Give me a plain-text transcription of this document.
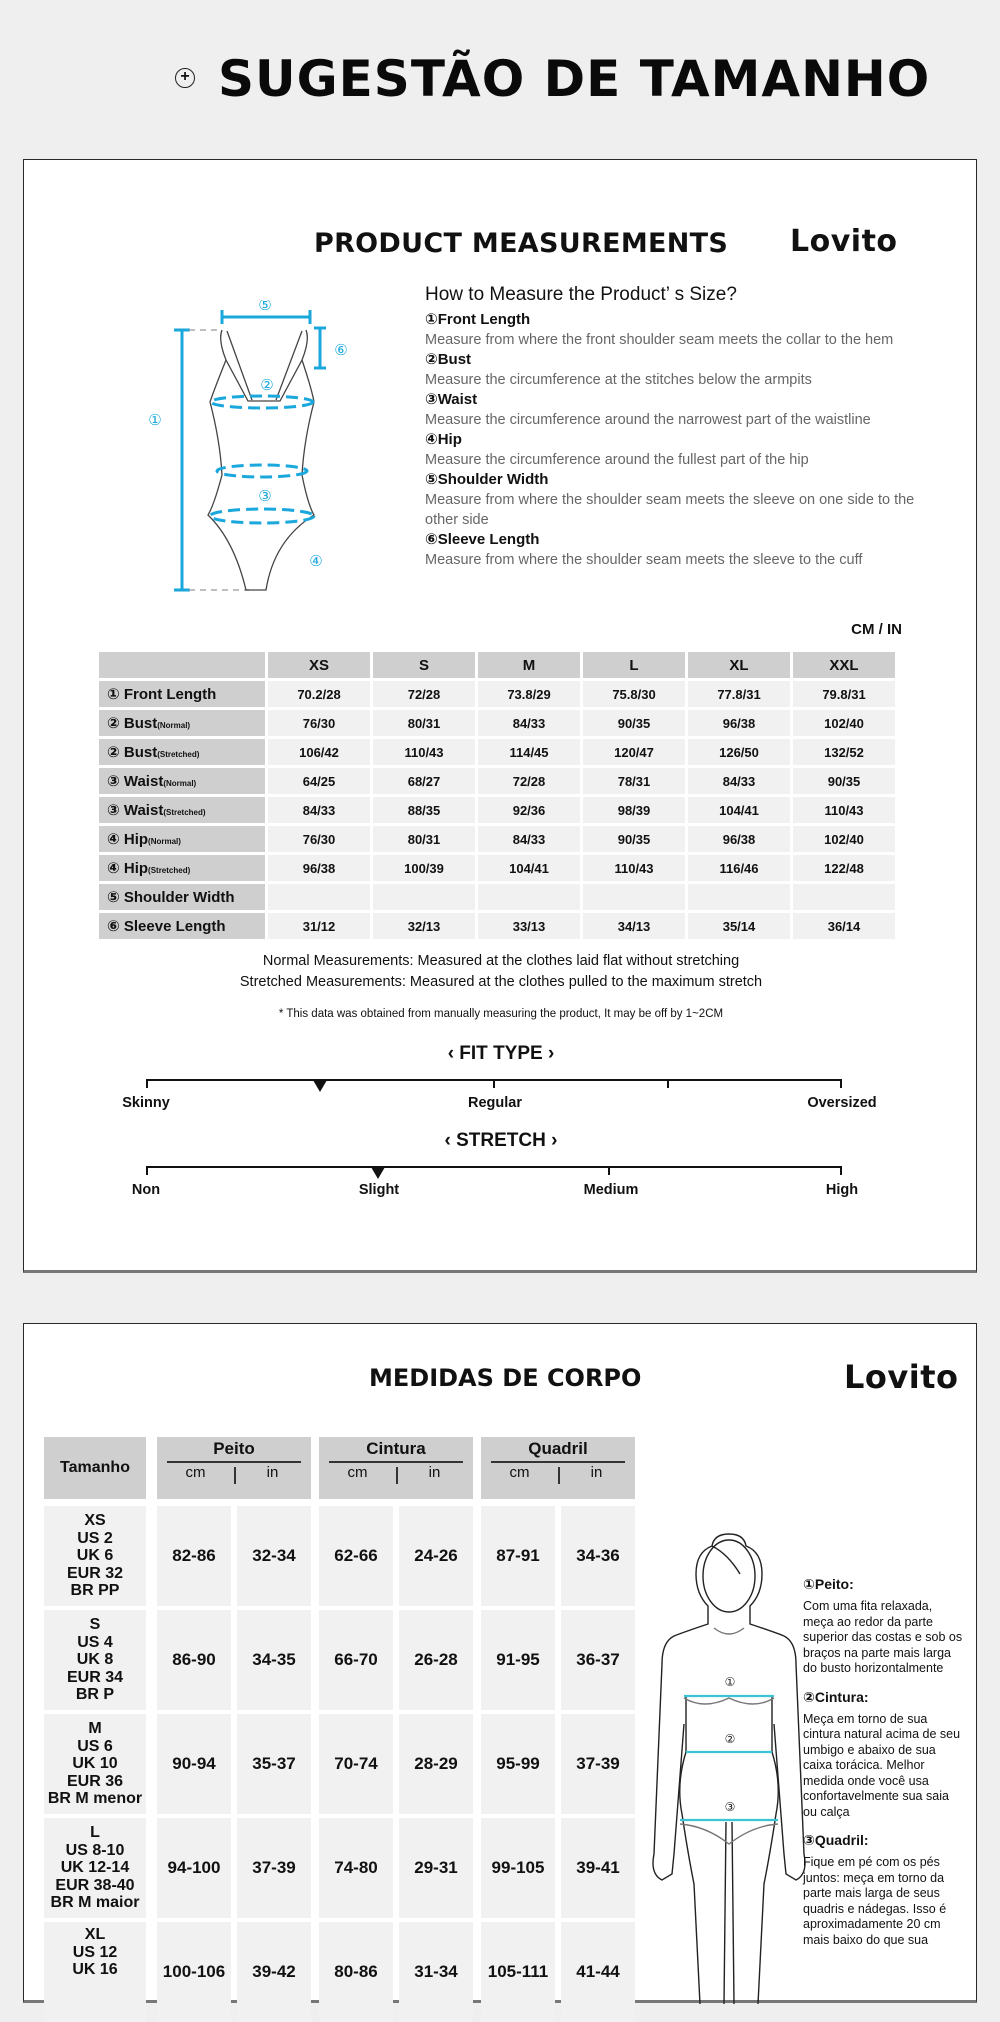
+ SUGESTÃO DE TAMANHO
PRODUCT MEASUREMENTS Lovito
①
②
③
④
⑤
⑥
How to Measure the Product’ s Size?
①Front Length
Measure from where the front shoulder seam meets the collar to the hem
②Bust
Measure the circumference at the stitches below the armpits
③Waist
Measure the circumference around the narrowest part of the waistline
④Hip
Measure the circumference around the fullest part of the hip
⑤Shoulder Width
Measure from where the shoulder seam meets the sleeve on one side to the other side
⑥Sleeve Length
Measure from where the shoulder seam meets the sleeve to the cuff
CM / IN
	XS	S	M	L	XL	XXL
① Front Length	70.2/28	72/28	73.8/29	75.8/30	77.8/31	79.8/31
② Bust(Normal)	76/30	80/31	84/33	90/35	96/38	102/40
② Bust(Stretched)	106/42	110/43	114/45	120/47	126/50	132/52
③ Waist(Normal)	64/25	68/27	72/28	78/31	84/33	90/35
③ Waist(Stretched)	84/33	88/35	92/36	98/39	104/41	110/43
④ Hip(Normal)	76/30	80/31	84/33	90/35	96/38	102/40
④ Hip(Stretched)	96/38	100/39	104/41	110/43	116/46	122/48
⑤ Shoulder Width						
⑥ Sleeve Length	31/12	32/13	33/13	34/13	35/14	36/14
Normal Measurements: Measured at the clothes laid flat without stretching
Stretched Measurements: Measured at the clothes pulled to the maximum stretch
* This data was obtained from manually measuring the product, It may be off by 1~2CM
‹ FIT TYPE ›
Skinny	Regular	Oversized
‹ STRETCH ›
Non	Slight	Medium	High
MEDIDAS DE CORPO	Lovito
Tamanho
Peito
cm	in
Cintura
cm	in
Quadril
cm	in
XS
US 2
UK 6
EUR 32
BR PP
82-86	32-34	62-66	24-26	87-91	34-36
S
US 4
UK 8
EUR 34
BR P
86-90	34-35	66-70	26-28	91-95	36-37
M
US 6
UK 10
EUR 36
BR M menor
90-94	35-37	70-74	28-29	95-99	37-39
L
US 8-10
UK 12-14
EUR 38-40
BR M maior
94-100	37-39	74-80	29-31	99-105	39-41
XL
US 12
UK 16	100-106	39-42	80-86	31-34	105-111	41-44
①
②
③
①Peito:
Com uma fita relaxada, meça ao redor da parte superior das costas e sob os braços na parte mais larga do busto horizontalmente
②Cintura:
Meça em torno de sua cintura natural acima de seu umbigo e abaixo de sua caixa torácica. Melhor medida onde você usa confortavelmente sua saia ou calça
③Quadril:
Fique em pé com os pés juntos: meça em torno da parte mais larga de seus quadris e nádegas. Isso é aproximadamente 20 cm mais baixo do que sua
